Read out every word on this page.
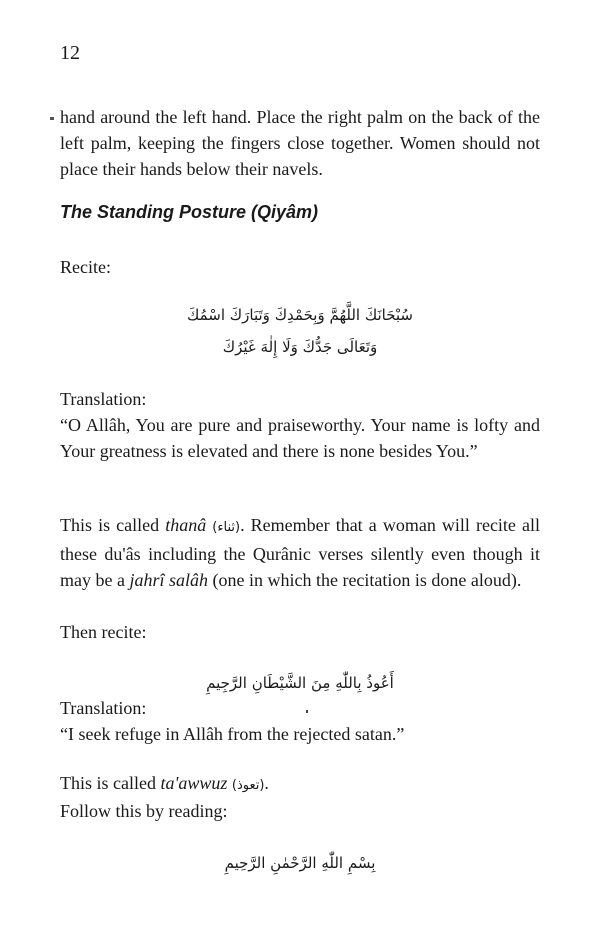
12
hand around the left hand. Place the right palm on the back of the left palm, keeping the fingers close together. Women should not place their hands below their navels.
The Standing Posture (Qiyâm)
Recite:
سُبْحَانَكَ اللَّهُمَّ وَبِحَمْدِكَ وَتَبَارَكَ اسْمُكَ
وَتَعَالَى جَدُّكَ وَلَا إِلٰهَ غَيْرُكَ
Translation:
“O Allâh, You are pure and praiseworthy. Your name is lofty and Your greatness is elevated and there is none besides You.”
This is called thanâ (ثناء). Remember that a woman will recite all these du'âs including the Qurânic verses silently even though it may be a jahrî salâh (one in which the recitation is done aloud).
Then recite:
أَعُوذُ بِاللّٰهِ مِنَ الشَّيْطَانِ الرَّجِيمِ
Translation:
“I seek refuge in Allâh from the rejected satan.”
This is called ta'awwuz (تعوذ).
Follow this by reading:
بِسْمِ اللّٰهِ الرَّحْمٰنِ الرَّحِيمِ
